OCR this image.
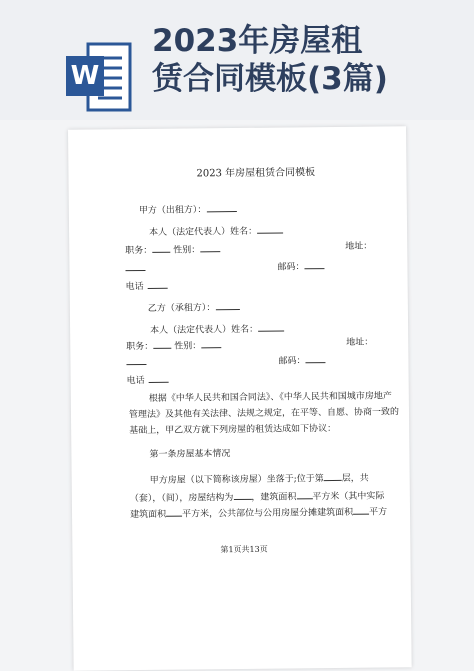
W
2023年房屋租
赁合同模板(3篇)
2023 年房屋租赁合同模板
甲方（出租方）：
本人（法定代表人）姓名：
职务： 性别：	地址：
邮码：
电话
乙方（承租方）：
本人（法定代表人）姓名：
职务： 性别：	地址：
邮码：
电话
根据《中华人民共和国合同法》、《中华人民共和国城市房地产
管理法》及其他有关法律、法规之规定，在平等、自愿、协商一致的
基础上，甲乙双方就下列房屋的租赁达成如下协议：
第一条房屋基本情况
甲方房屋（以下简称该房屋）坐落于;位于第 层，共
（套），（间），房屋结构为 ，建筑面积 平方米（其中实际
建筑面积 平方米，公共部位与公用房屋分摊建筑面积 平方
第1页共13页
